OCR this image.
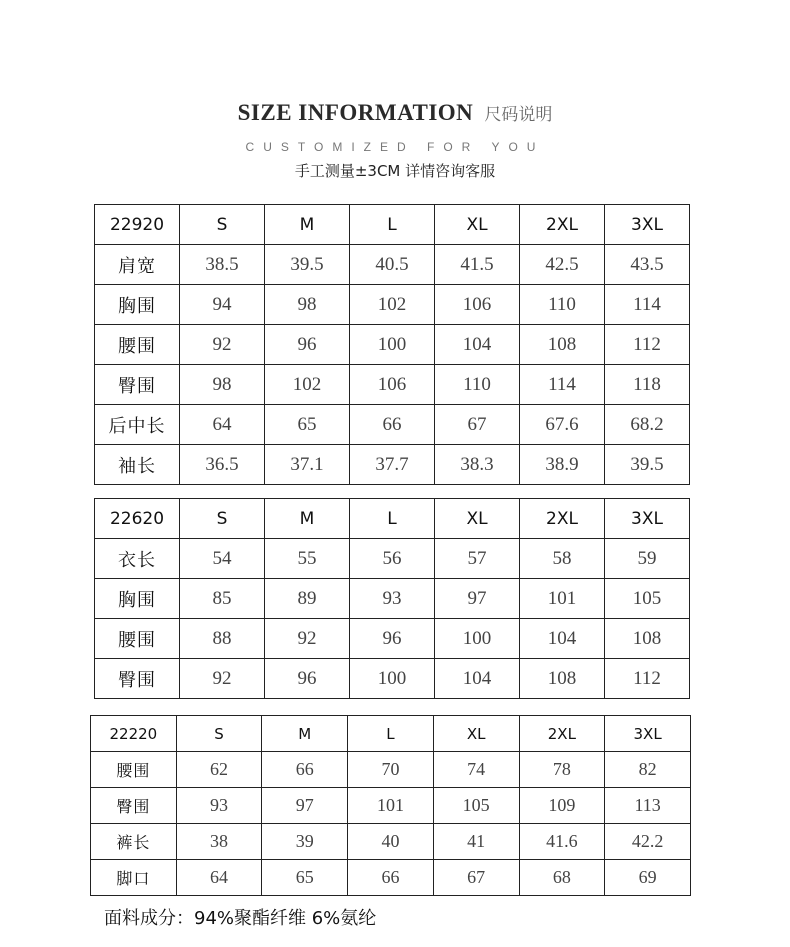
SIZE INFORMATION 尺码说明
CUSTOMIZED FOR YOU
手工测量±3CM 详情咨询客服
22920	S	M	L	XL	2XL	3XL
肩宽	38.5	39.5	40.5	41.5	42.5	43.5
胸围	94	98	102	106	110	114
腰围	92	96	100	104	108	112
臀围	98	102	106	110	114	118
后中长	64	65	66	67	67.6	68.2
袖长	36.5	37.1	37.7	38.3	38.9	39.5
22620	S	M	L	XL	2XL	3XL
衣长	54	55	56	57	58	59
胸围	85	89	93	97	101	105
腰围	88	92	96	100	104	108
臀围	92	96	100	104	108	112
22220	S	M	L	XL	2XL	3XL
腰围	62	66	70	74	78	82
臀围	93	97	101	105	109	113
裤长	38	39	40	41	41.6	42.2
脚口	64	65	66	67	68	69
面料成分：94%聚酯纤维 6%氨纶
